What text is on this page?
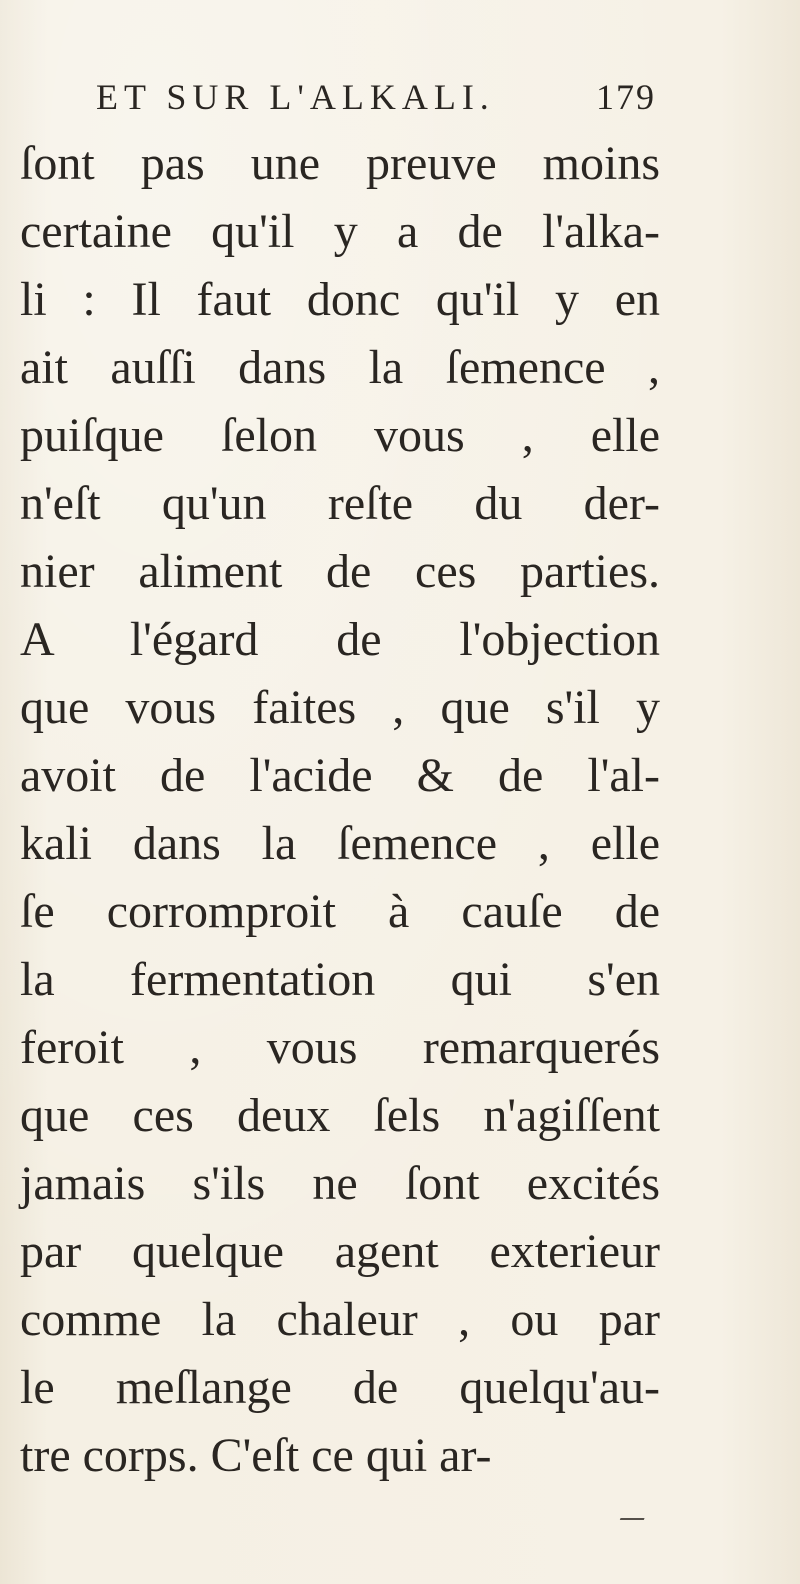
ET SUR L'ALKALI.	179
ſont pas une preuve moins
certaine qu'il y a de l'alka-
li : Il faut donc qu'il y en
ait auſſi dans la ſemence ,
puiſque ſelon vous , elle
n'eſt qu'un reſte du der-
nier aliment de ces parties.
A l'égard de l'objection
que vous faites , que s'il y
avoit de l'acide & de l'al-
kali dans la ſemence , elle
ſe corromproit à cauſe de
la fermentation qui s'en
feroit , vous remarquerés
que ces deux ſels n'agiſſent
jamais s'ils ne ſont excités
par quelque agent exterieur
comme la chaleur , ou par
le meſlange de quelqu'au-
tre corps. C'eſt ce qui ar-
